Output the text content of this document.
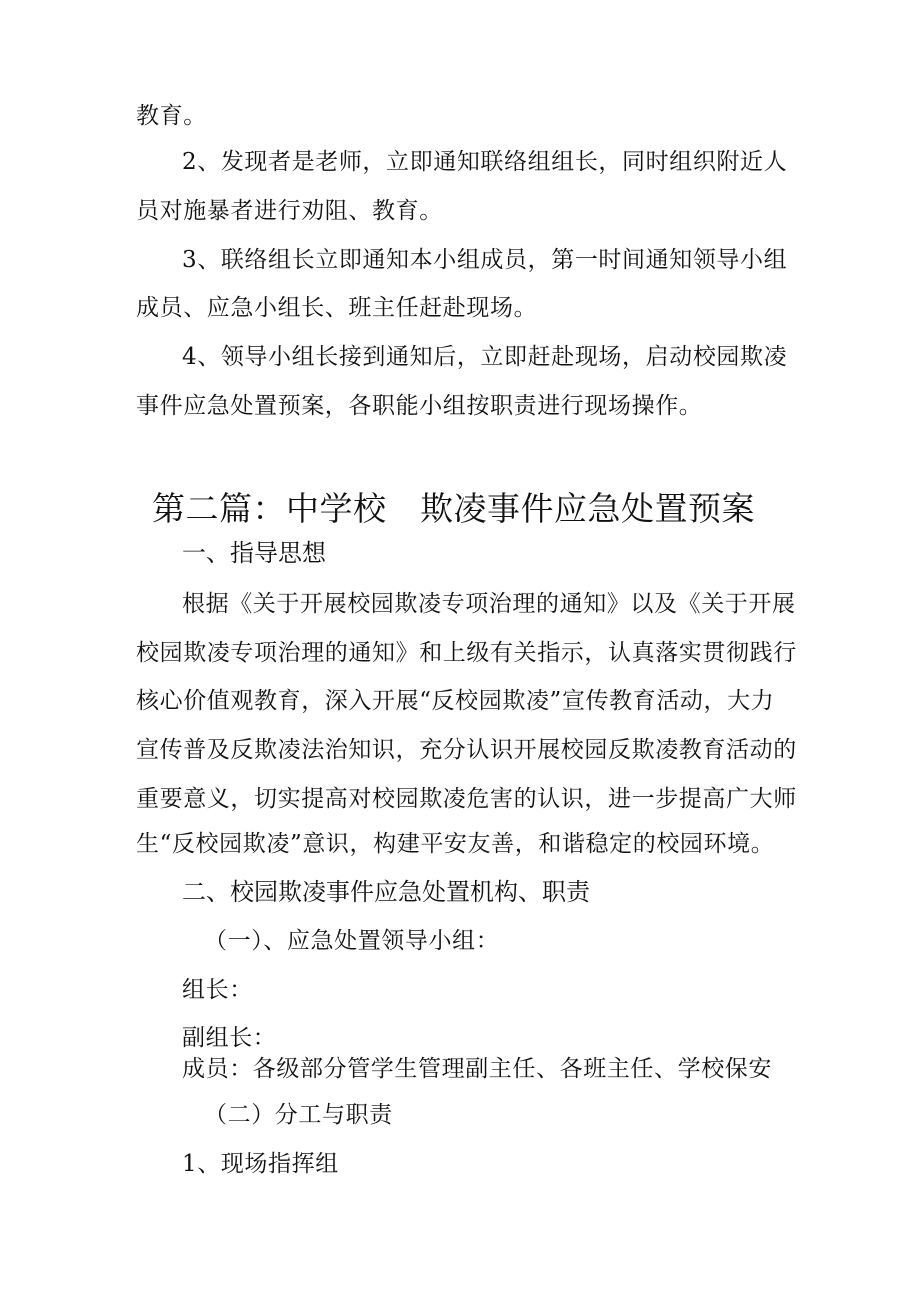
教育。
2、发现者是老师，立即通知联络组组长，同时组织附近人
员对施暴者进行劝阻、教育。
3、联络组长立即通知本小组成员，第一时间通知领导小组
成员、应急小组长、班主任赶赴现场。
4、领导小组长接到通知后，立即赶赴现场，启动校园欺凌
事件应急处置预案，各职能小组按职责进行现场操作。
第二篇：中学校 欺凌事件应急处置预案
一、指导思想
根据《关于开展校园欺凌专项治理的通知》以及《关于开展
校园欺凌专项治理的通知》和上级有关指示，认真落实贯彻践行
核心价值观教育，深入开展“反校园欺凌”宣传教育活动，大力
宣传普及反欺凌法治知识，充分认识开展校园反欺凌教育活动的
重要意义，切实提高对校园欺凌危害的认识，进一步提高广大师
生“反校园欺凌”意识，构建平安友善，和谐稳定的校园环境。
二、校园欺凌事件应急处置机构、职责
（一）、应急处置领导小组：
组长：
副组长：
成员：各级部分管学生管理副主任、各班主任、学校保安
（二）分工与职责
1、现场指挥组
